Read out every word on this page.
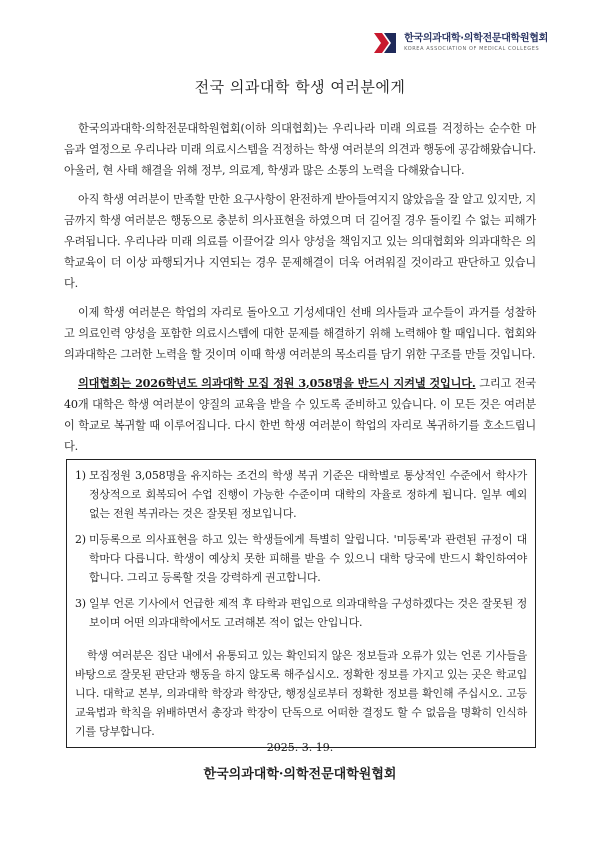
한국의과대학·의학전문대학원협회
KOREA ASSOCIATION OF MEDICAL COLLEGES
전국 의과대학 학생 여러분에게

한국의과대학·의학전문대학원협회(이하 의대협회)는 우리나라 미래 의료를 걱정하는 순수한 마음과 열정으로 우리나라 미래 의료시스템을 걱정하는 학생 여러분의 의견과 행동에 공감해왔습니다. 아울러, 현 사태 해결을 위해 정부, 의료계, 학생과 많은 소통의 노력을 다해왔습니다.

아직 학생 여러분이 만족할 만한 요구사항이 완전하게 받아들여지지 않았음을 잘 알고 있지만, 지금까지 학생 여러분은 행동으로 충분히 의사표현을 하였으며 더 길어질 경우 돌이킬 수 없는 피해가 우려됩니다. 우리나라 미래 의료를 이끌어갈 의사 양성을 책임지고 있는 의대협회와 의과대학은 의학교육이 더 이상 파행되거나 지연되는 경우 문제해결이 더욱 어려워질 것이라고 판단하고 있습니다.

이제 학생 여러분은 학업의 자리로 돌아오고 기성세대인 선배 의사들과 교수들이 과거를 성찰하고 의료인력 양성을 포함한 의료시스템에 대한 문제를 해결하기 위해 노력해야 할 때입니다. 협회와 의과대학은 그러한 노력을 할 것이며 이때 학생 여러분의 목소리를 담기 위한 구조를 만들 것입니다.

의대협회는 2026학년도 의과대학 모집 정원 3,058명을 반드시 지켜낼 것입니다. 그리고 전국 40개 대학은 학생 여러분이 양질의 교육을 받을 수 있도록 준비하고 있습니다. 이 모든 것은 여러분이 학교로 복귀할 때 이루어집니다. 다시 한번 학생 여러분이 학업의 자리로 복귀하기를 호소드립니다.

1) 모집정원 3,058명을 유지하는 조건의 학생 복귀 기준은 대학별로 통상적인 수준에서 학사가 정상적으로 회복되어 수업 진행이 가능한 수준이며 대학의 자율로 정하게 됩니다. 일부 예외 없는 전원 복귀라는 것은 잘못된 정보입니다.
2) 미등록으로 의사표현을 하고 있는 학생들에게 특별히 알립니다. '미등록'과 관련된 규정이 대학마다 다릅니다. 학생이 예상치 못한 피해를 받을 수 있으니 대학 당국에 반드시 확인하여야 합니다. 그리고 등록할 것을 강력하게 권고합니다.
3) 일부 언론 기사에서 언급한 제적 후 타학과 편입으로 의과대학을 구성하겠다는 것은 잘못된 정보이며 어떤 의과대학에서도 고려해본 적이 없는 안입니다.

학생 여러분은 집단 내에서 유통되고 있는 확인되지 않은 정보들과 오류가 있는 언론 기사들을 바탕으로 잘못된 판단과 행동을 하지 않도록 해주십시오. 정확한 정보를 가지고 있는 곳은 학교입니다. 대학교 본부, 의과대학 학장과 학장단, 행정실로부터 정확한 정보를 확인해 주십시오. 고등교육법과 학칙을 위배하면서 총장과 학장이 단독으로 어떠한 결정도 할 수 없음을 명확히 인식하기를 당부합니다.

2025. 3. 19.
한국의과대학·의학전문대학원협회
